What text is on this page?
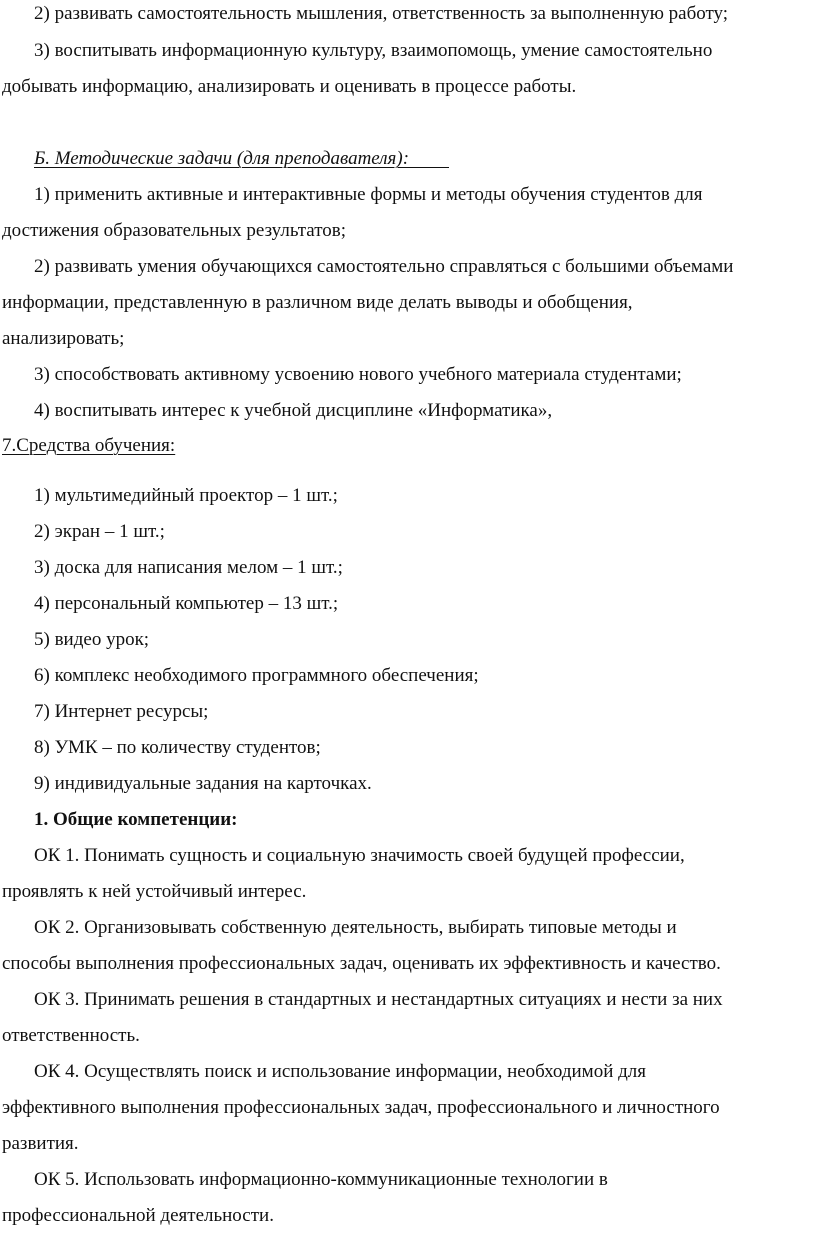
2) развивать самостоятельность мышления, ответственность за выполненную работу;
3) воспитывать информационную культуру, взаимопомощь, умение самостоятельно
добывать информацию, анализировать и оценивать в процессе работы.
Б. Методические задачи (для преподавателя):
1) применить активные и интерактивные формы и методы обучения студентов для
достижения образовательных результатов;
2) развивать умения обучающихся самостоятельно справляться с большими объемами
информации, представленную в различном виде делать выводы и обобщения,
анализировать;
3) способствовать активному усвоению нового учебного материала студентами;
4) воспитывать интерес к учебной дисциплине «Информатика»,
7.Средства обучения:
1) мультимедийный проектор – 1 шт.;
2) экран – 1 шт.;
3) доска для написания мелом – 1 шт.;
4) персональный компьютер – 13 шт.;
5) видео урок;
6) комплекс необходимого программного обеспечения;
7) Интернет ресурсы;
8) УМК – по количеству студентов;
9) индивидуальные задания на карточках.
1. Общие компетенции:
ОК 1. Понимать сущность и социальную значимость своей будущей профессии,
проявлять к ней устойчивый интерес.
ОК 2. Организовывать собственную деятельность, выбирать типовые методы и
способы выполнения профессиональных задач, оценивать их эффективность и качество.
ОК 3. Принимать решения в стандартных и нестандартных ситуациях и нести за них
ответственность.
ОК 4. Осуществлять поиск и использование информации, необходимой для
эффективного выполнения профессиональных задач, профессионального и личностного
развития.
ОК 5. Использовать информационно-коммуникационные технологии в
профессиональной деятельности.
